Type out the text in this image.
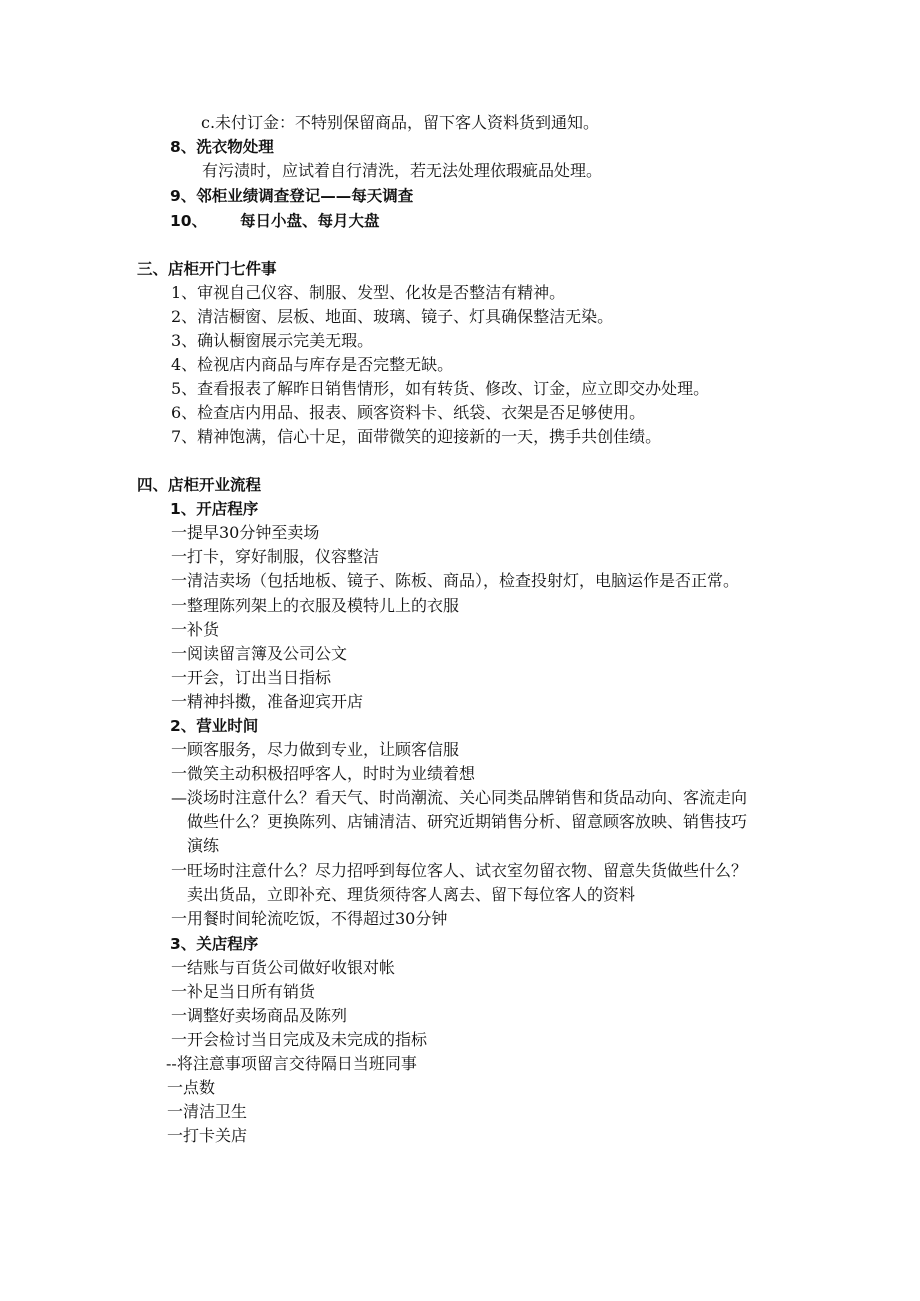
c.未付订金：不特别保留商品，留下客人资料货到通知。
8、洗衣物处理
有污渍时，应试着自行清洗，若无法处理依瑕疵品处理。
9、邻柜业绩调查登记——每天调查
10、 每日小盘、每月大盘
三、店柜开门七件事
1、审视自己仪容、制服、发型、化妆是否整洁有精神。
2、清洁橱窗、层板、地面、玻璃、镜子、灯具确保整洁无染。
3、确认橱窗展示完美无瑕。
4、检视店内商品与库存是否完整无缺。
5、查看报表了解昨日销售情形，如有转货、修改、订金，应立即交办处理。
6、检查店内用品、报表、顾客资料卡、纸袋、衣架是否足够使用。
7、精神饱满，信心十足，面带微笑的迎接新的一天，携手共创佳绩。
四、店柜开业流程
1、开店程序
一提早30分钟至卖场
一打卡，穿好制服，仪容整洁
一清洁卖场（包括地板、镜子、陈板、商品），检查投射灯，电脑运作是否正常。
一整理陈列架上的衣服及模特儿上的衣服
一补货
一阅读留言簿及公司公文
一开会，订出当日指标
一精神抖擞，准备迎宾开店
2、营业时间
一顾客服务，尽力做到专业，让顾客信服
一微笑主动积极招呼客人，时时为业绩着想
—淡场时注意什么？看天气、时尚潮流、关心同类品牌销售和货品动向、客流走向
做些什么？更换陈列、店铺清洁、研究近期销售分析、留意顾客放映、销售技巧
演练
一旺场时注意什么？尽力招呼到每位客人、试衣室勿留衣物、留意失货做些什么？
卖出货品，立即补充、理货须待客人离去、留下每位客人的资料
一用餐时间轮流吃饭，不得超过30分钟
3、关店程序
一结账与百货公司做好收银对帐
一补足当日所有销货
一调整好卖场商品及陈列
一开会检讨当日完成及未完成的指标
--将注意事项留言交待隔日当班同事
一点数
一清洁卫生
一打卡关店
